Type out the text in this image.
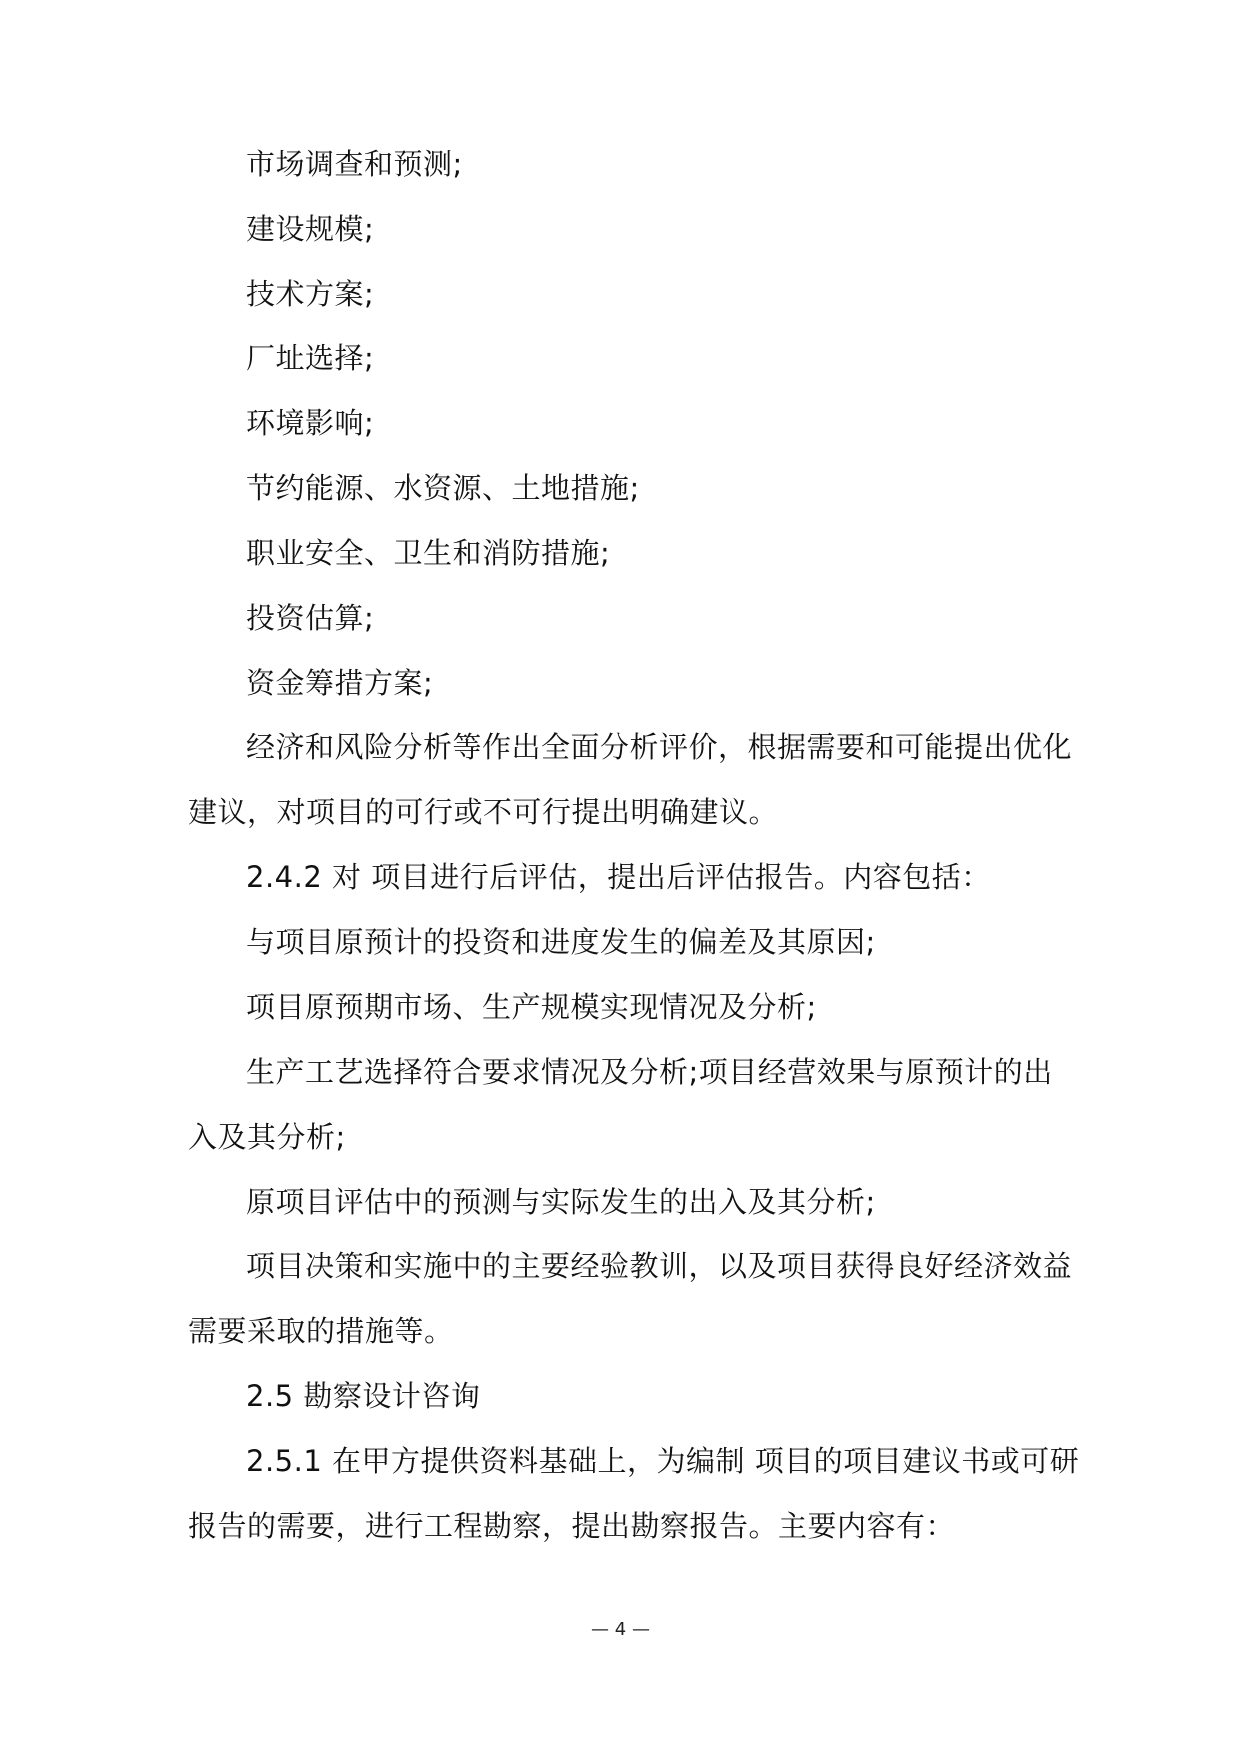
市场调查和预测;
建设规模;
技术方案;
厂址选择;
环境影响;
节约能源、水资源、土地措施;
职业安全、卫生和消防措施;
投资估算;
资金筹措方案;
经济和风险分析等作出全面分析评价，根据需要和可能提出优化
建议，对项目的可行或不可行提出明确建议。
2.4.2 对 项目进行后评估，提出后评估报告。内容包括：
与项目原预计的投资和进度发生的偏差及其原因;
项目原预期市场、生产规模实现情况及分析;
生产工艺选择符合要求情况及分析;项目经营效果与原预计的出
入及其分析;
原项目评估中的预测与实际发生的出入及其分析;
项目决策和实施中的主要经验教训，以及项目获得良好经济效益
需要采取的措施等。
2.5 勘察设计咨询
2.5.1 在甲方提供资料基础上，为编制 项目的项目建议书或可研
报告的需要，进行工程勘察，提出勘察报告。主要内容有：
— 4 —
